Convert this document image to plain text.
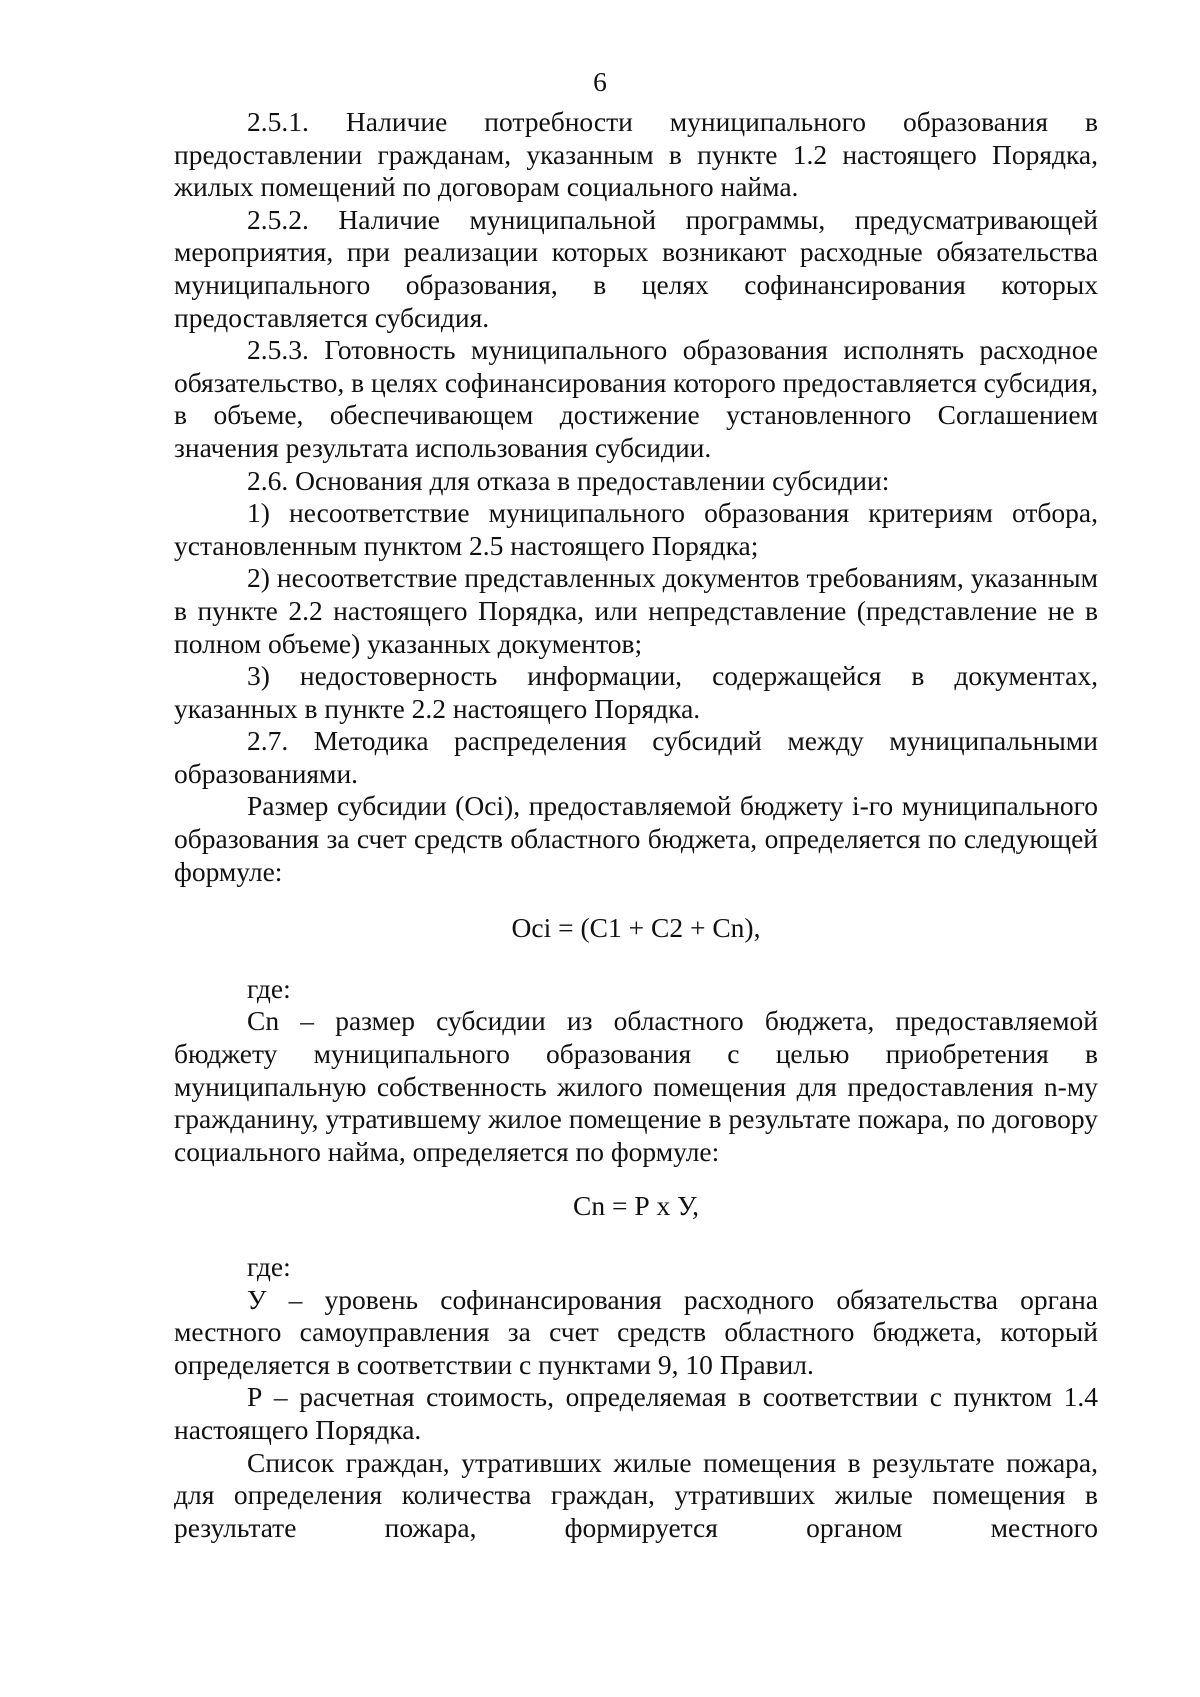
6

2.5.1. Наличие потребности муниципального образования в предоставлении гражданам, указанным в пункте 1.2 настоящего Порядка, жилых помещений по договорам социального найма.

2.5.2. Наличие муниципальной программы, предусматривающей мероприятия, при реализации которых возникают расходные обязательства муниципального образования, в целях софинансирования которых предоставляется субсидия.

2.5.3. Готовность муниципального образования исполнять расходное обязательство, в целях софинансирования которого предоставляется субсидия, в объеме, обеспечивающем достижение установленного Соглашением значения результата использования субсидии.

2.6. Основания для отказа в предоставлении субсидии:

1) несоответствие муниципального образования критериям отбора, установленным пунктом 2.5 настоящего Порядка;

2) несоответствие представленных документов требованиям, указанным в пункте 2.2 настоящего Порядка, или непредставление (представление не в полном объеме) указанных документов;

3) недостоверность информации, содержащейся в документах, указанных в пункте 2.2 настоящего Порядка.

2.7. Методика распределения субсидий между муниципальными образованиями.

Размер субсидии (Осi), предоставляемой бюджету i-го муниципального образования за счет средств областного бюджета, определяется по следующей формуле:

Осi = (С1 + С2 + Сn),

где:

Сn – размер субсидии из областного бюджета, предоставляемой бюджету муниципального образования с целью приобретения в муниципальную собственность жилого помещения для предоставления n-му гражданину, утратившему жилое помещение в результате пожара, по договору социального найма, определяется по формуле:

Сn = Р х У,

где:

У – уровень софинансирования расходного обязательства органа местного самоуправления за счет средств областного бюджета, который определяется в соответствии с пунктами 9, 10 Правил.

Р – расчетная стоимость, определяемая в соответствии с пунктом 1.4 настоящего Порядка.

Список граждан, утративших жилые помещения в результате пожара, для определения количества граждан, утративших жилые помещения в результате пожара, формируется органом местного
